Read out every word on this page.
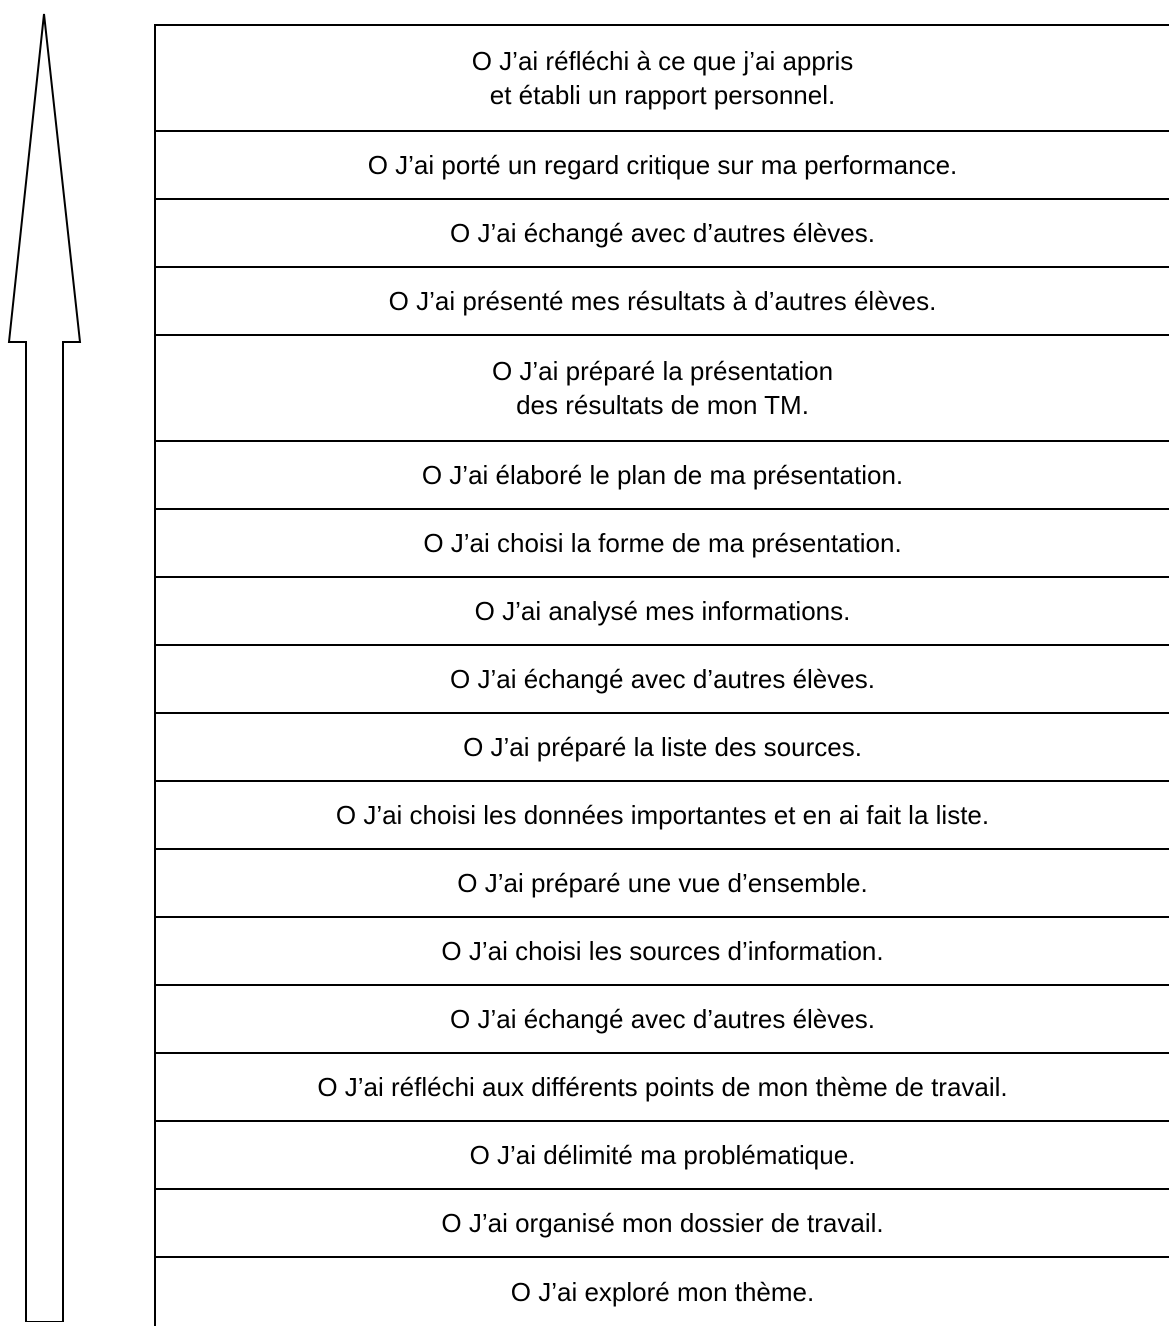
O J’ai réfléchi à ce que j’ai appris
et établi un rapport personnel.
O J’ai porté un regard critique sur ma performance.
O J’ai échangé avec d’autres élèves.
O J’ai présenté mes résultats à d’autres élèves.
O J’ai préparé la présentation
des résultats de mon TM.
O J’ai élaboré le plan de ma présentation.
O J’ai choisi la forme de ma présentation.
O J’ai analysé mes informations.
O J’ai échangé avec d’autres élèves.
O J’ai préparé la liste des sources.
O J’ai choisi les données importantes et en ai fait la liste.
O J’ai préparé une vue d’ensemble.
O J’ai choisi les sources d’information.
O J’ai échangé avec d’autres élèves.
O J’ai réfléchi aux différents points de mon thème de travail.
O J’ai délimité ma problématique.
O J’ai organisé mon dossier de travail.
O J’ai exploré mon thème.
